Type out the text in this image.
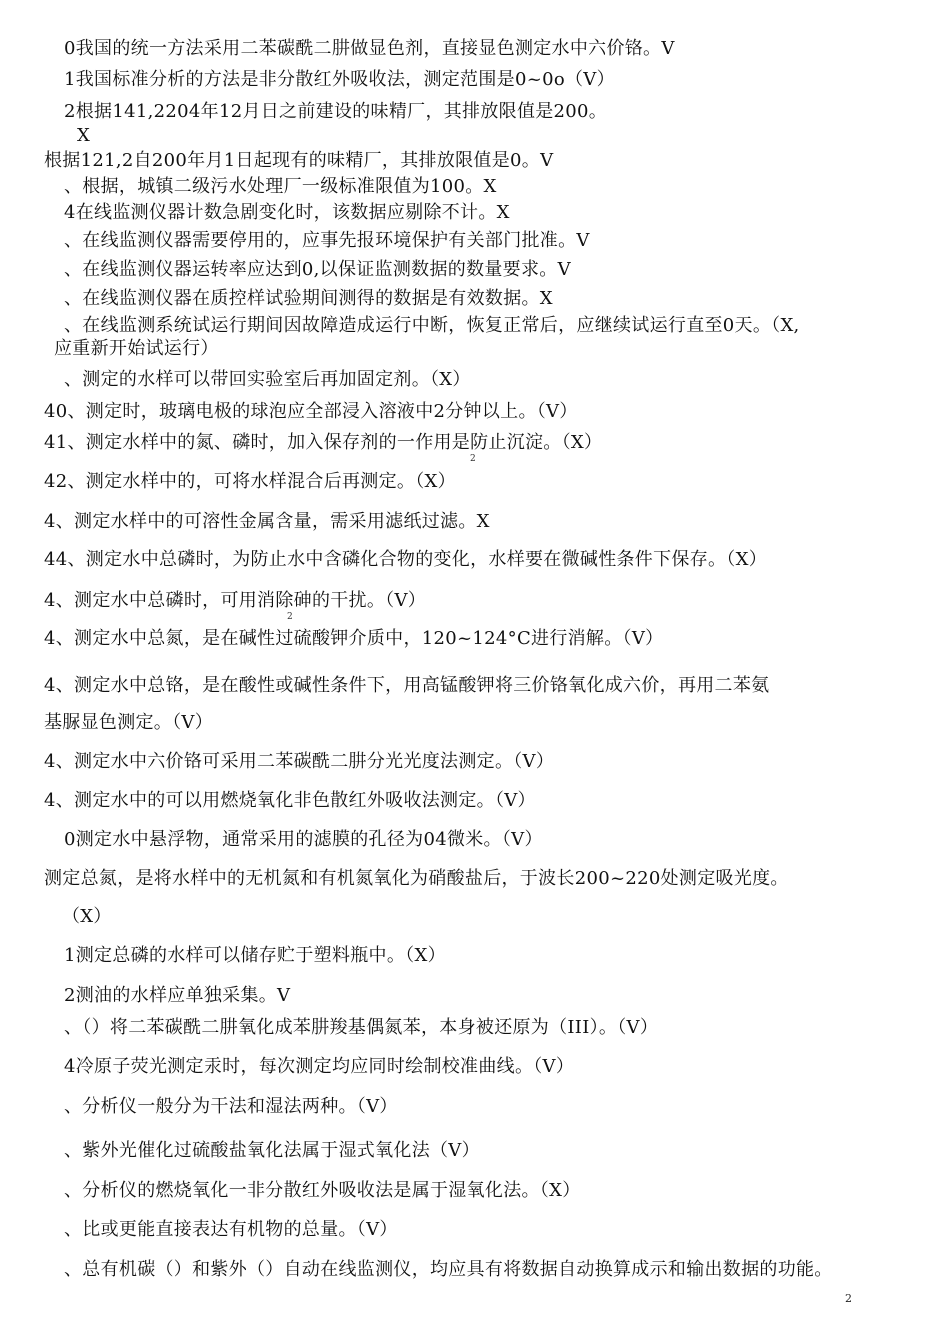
0我国的统一方法采用二苯碳酰二肼做显色剂，直接显色测定水中六价铬。V
1我国标准分析的方法是非分散红外吸收法，测定范围是0~0o（V）
2根据141,2204年12月日之前建设的味精厂，其排放限值是200。
X
根据121,2自200年月1日起现有的味精厂，其排放限值是0。V
、根据，城镇二级污水处理厂一级标准限值为100。X
4在线监测仪器计数急剧变化时，该数据应剔除不计。X
、在线监测仪器需要停用的，应事先报环境保护有关部门批准。V
、在线监测仪器运转率应达到0,以保证监测数据的数量要求。V
、在线监测仪器在质控样试验期间测得的数据是有效数据。X
、在线监测系统试运行期间因故障造成运行中断，恢复正常后，应继续试运行直至0天。（X,
应重新开始试运行）
、测定的水样可以带回实验室后再加固定剂。（X）
40、测定时，玻璃电极的球泡应全部浸入溶液中2分钟以上。（V）
41、测定水样中的氮、磷时，加入保存剂的一作用是防止沉淀。（X）
2
42、测定水样中的，可将水样混合后再测定。（X）
4、测定水样中的可溶性金属含量，需采用滤纸过滤。X
44、测定水中总磷时，为防止水中含磷化合物的变化，水样要在微碱性条件下保存。（X）
4、测定水中总磷时，可用消除砷的干扰。（V）
2
4、测定水中总氮，是在碱性过硫酸钾介质中，120~124°C进行消解。（V）
4、测定水中总铬，是在酸性或碱性条件下，用高锰酸钾将三价铬氧化成六价，再用二苯氨
基脲显色测定。（V）
4、测定水中六价铬可采用二苯碳酰二肼分光光度法测定。（V）
4、测定水中的可以用燃烧氧化非色散红外吸收法测定。（V）
0测定水中悬浮物，通常采用的滤膜的孔径为04微米。（V）
测定总氮，是将水样中的无机氮和有机氮氧化为硝酸盐后，于波长200~220处测定吸光度。
（X）
1测定总磷的水样可以储存贮于塑料瓶中。（X）
2测油的水样应单独采集。V
、（）将二苯碳酰二肼氧化成苯肼羧基偶氮苯，本身被还原为（III）。（V）
4冷原子荧光测定汞时，每次测定均应同时绘制校准曲线。（V）
、分析仪一般分为干法和湿法两种。（V）
、紫外光催化过硫酸盐氧化法属于湿式氧化法（V）
、分析仪的燃烧氧化一非分散红外吸收法是属于湿氧化法。（X）
、比或更能直接表达有机物的总量。（V）
、总有机碳（）和紫外（）自动在线监测仪，均应具有将数据自动换算成示和输出数据的功能。
2
